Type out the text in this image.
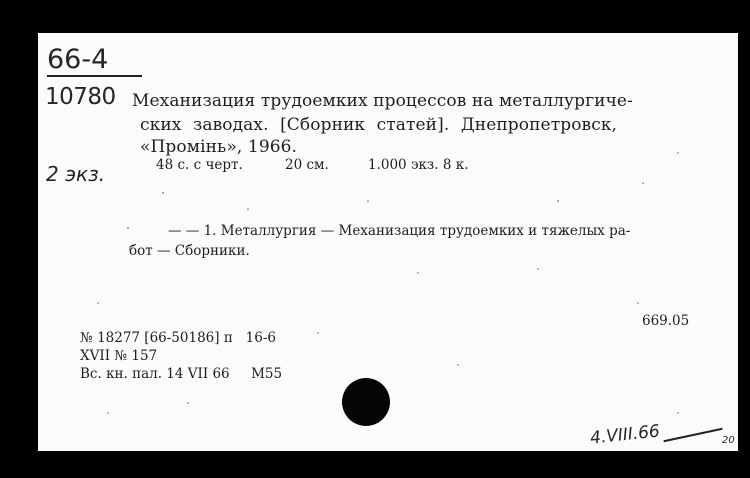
66-4
10780
2 экз.
Механизация трудоемких процессов на металлургиче-
ских заводах. [Сборник статей]. Днепропетровск,
«Промінь», 1966.
48 с. с черт.	20 см.	1.000 экз. 8 к.
— — 1. Металлургия — Механизация трудоемких и тяжелых ра-
бот — Сборники.
669.05
№ 18277 [66-50186] п   16-6
XVII № 157
Вс. кн. пал. 14 VII 66     M55
4.VIII.66	20
